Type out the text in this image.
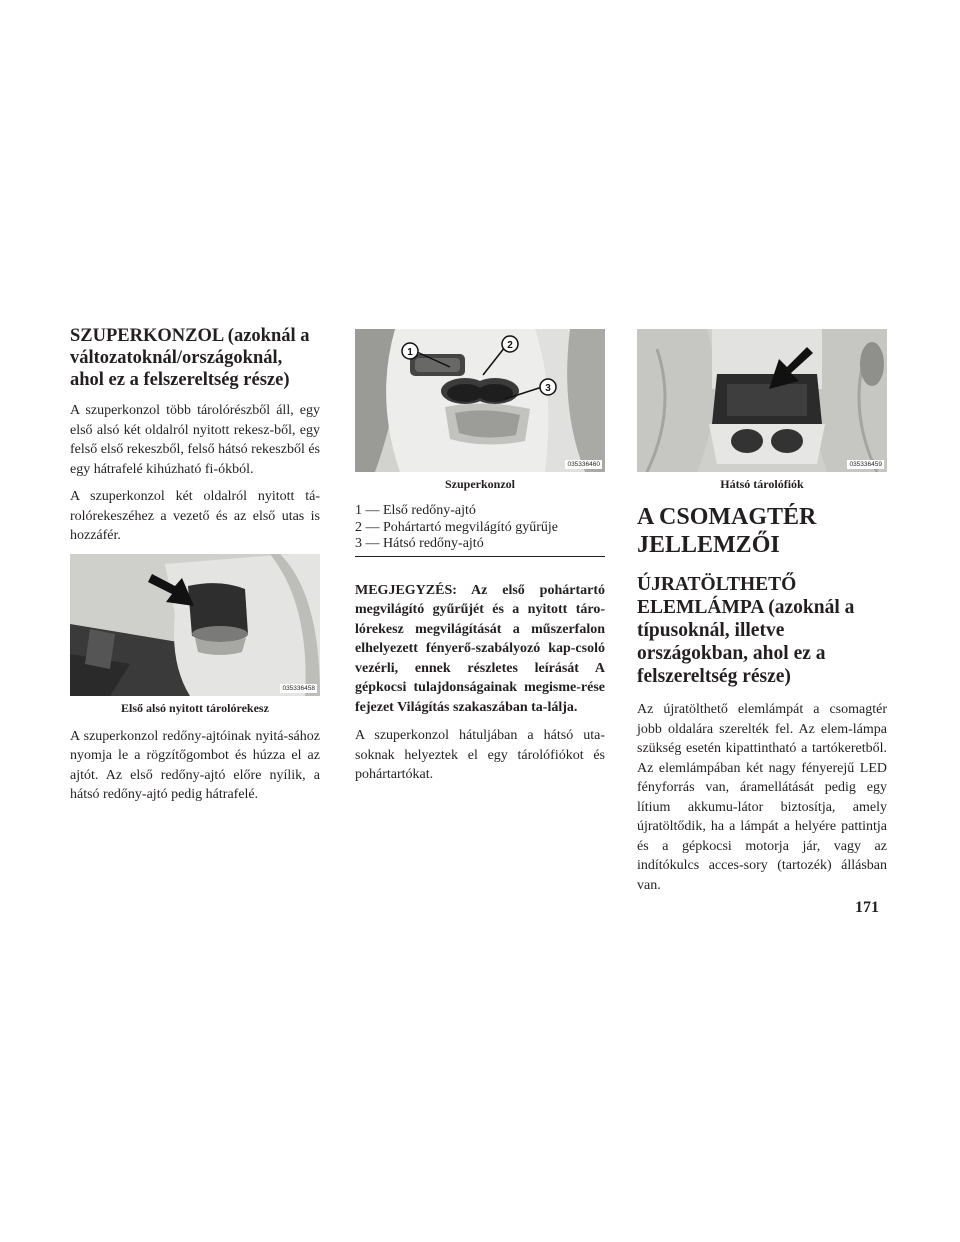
SZUPERKONZOL (azoknál a változatoknál/országoknál, ahol ez a felszereltség része)

A szuperkonzol több tárolórészből áll, egy első alsó két oldalról nyitott rekesz-ből, egy felső első rekeszből, felső hátsó rekeszből és egy hátrafelé kihúzható fi-ókból.

A szuperkonzol két oldalról nyitott tá-rolórekeszéhez a vezető és az első utas is hozzáfér.

035336458
Első alsó nyitott tárolórekesz

A szuperkonzol redőny-ajtóinak nyitá-sához nyomja le a rögzítőgombot és húzza el az ajtót. Az első redőny-ajtó előre nyílik, a hátsó redőny-ajtó pedig hátrafelé.

1
2
3
035336460
Szuperkonzol
1 — Első redőny-ajtó
2 — Pohártartó megvilágító gyűrűje
3 — Hátsó redőny-ajtó

MEGJEGYZÉS: Az első pohártartó megvilágító gyűrűjét és a nyitott táro-lórekesz megvilágítását a műszerfalon elhelyezett fényerő-szabályozó kap-csoló vezérli, ennek részletes leírását A gépkocsi tulajdonságainak megisme-rése fejezet Világítás szakaszában ta-lálja.

A szuperkonzol hátuljában a hátsó uta-soknak helyeztek el egy tárolófiókot és pohártartókat.

035336459
Hátsó tárolófiók
A CSOMAGTÉR JELLEMZŐI
ÚJRATÖLTHETŐ ELEMLÁMPA (azoknál a típusoknál, illetve országokban, ahol ez a felszereltség része)

Az újratölthető elemlámpát a csomagtér jobb oldalára szerelték fel. Az elem-lámpa szükség esetén kipattintható a tartókeretből. Az elemlámpában két nagy fényerejű LED fényforrás van, áramellátását pedig egy lítium akkumu-látor biztosítja, amely újratöltődik, ha a lámpát a helyére pattintja és a gépkocsi motorja jár, vagy az indítókulcs acces-sory (tartozék) állásban van.

171
